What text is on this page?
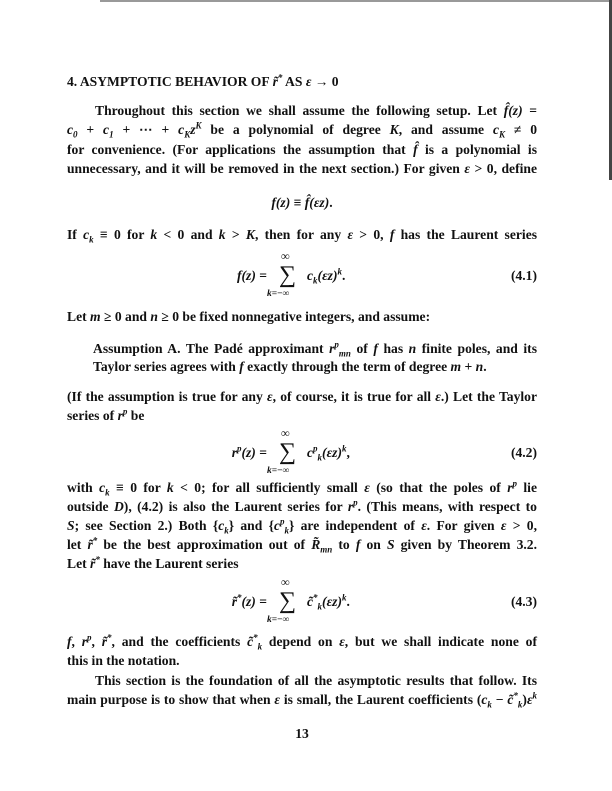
4. ASYMPTOTIC BEHAVIOR OF r̃* AS ε → 0
Throughout this section we shall assume the following setup. Let f̂(z) =
$c_0 + c_1$ + ⋯ + $c_Kz^K$ be a polynomial of degree K, and assume $c_K \ne 0$
for convenience. (For applications the assumption that f̂ is a polynomial is
unnecessary, and it will be removed in the next section.) For given ε > 0, define
f(z) ≡ f̂(εz).
If $c_k \equiv 0$ for k < 0 and k > K, then for any ε > 0, f has the Laurent series
f(z) =
∞
∑
k=−∞
$c_k(\varepsilon z)^k$.	(4.1)
Let m ≥ 0 and n ≥ 0 be fixed nonnegative integers, and assume:
Assumption A. The Padé approximant $r^p_{mn}$ of f has n finite poles, and its
Taylor series agrees with f exactly through the term of degree m + n.
(If the assumption is true for any ε, of course, it is true for all ε.) Let the Taylor
series of $r^p$ be
$r^p(z)$ =
∞
∑
k=−∞
$c^p_k(\varepsilon z)^k$,	(4.2)
with $c_k \equiv 0$ for k < 0; for all sufficiently small ε (so that the poles of $r^p$ lie
outside D), (4.2) is also the Laurent series for $r^p$. (This means, with respect to
S; see Section 2.) Both $\{c_k\}$ and $\{c^p_k\}$ are independent of ε. For given ε > 0,
let r̃* be the best approximation out of $R̃_{mn}$ to f on S given by Theorem 3.2.
Let r̃* have the Laurent series
r̃*(z) =
∞
∑
k=−∞
$c̃^*_k(\varepsilon z)^k$.	(4.3)
f, $r^p$, r̃*, and the coefficients $c̃^*_k$ depend on ε, but we shall indicate none of
this in the notation.
This section is the foundation of all the asymptotic results that follow. Its
main purpose is to show that when ε is small, the Laurent coefficients ($c_k$ − $c̃^*_k)\varepsilon^k$
13
